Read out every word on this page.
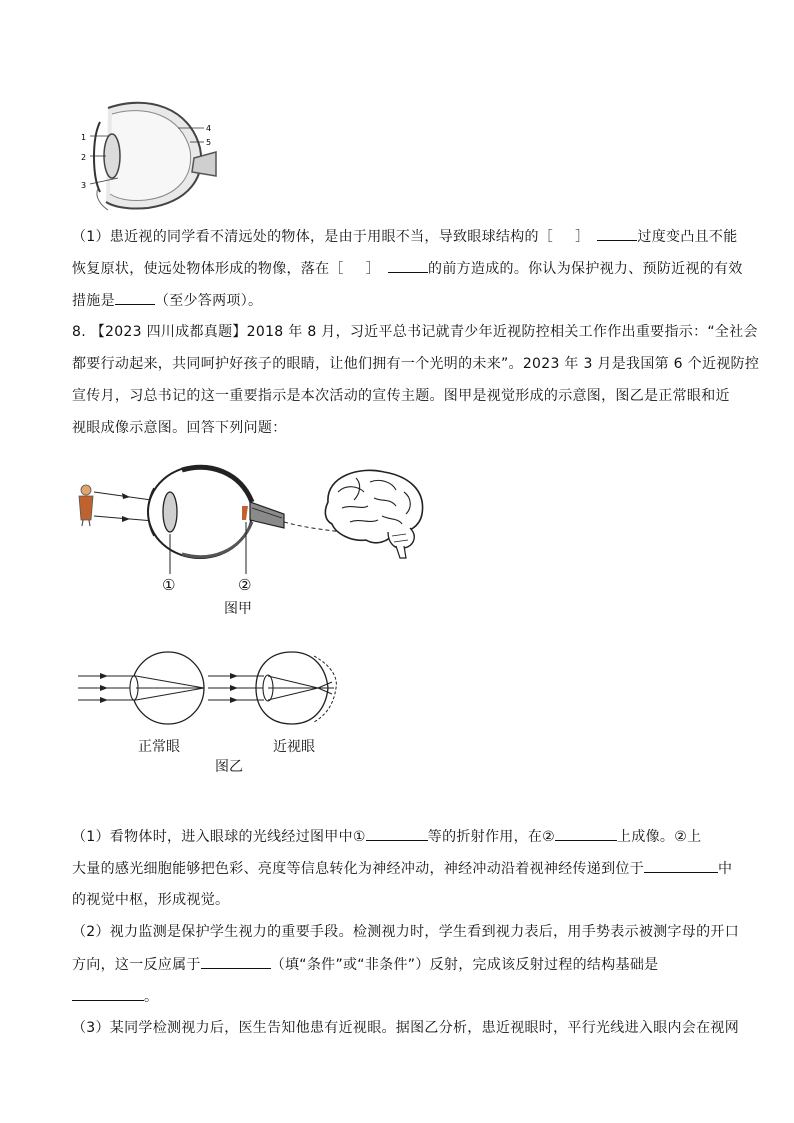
1
2
3
4
5
（1）患近视的同学看不清远处的物体，是由于用眼不当，导致眼球结构的［ ］	过度变凸且不能
恢复原状，使远处物体形成的物像，落在［ ］	的前方造成的。你认为保护视力、预防近视的有效
措施是	（至少答两项）。
8. 【2023 四川成都真题】2018 年 8 月，习近平总书记就青少年近视防控相关工作作出重要指示：“全社会
都要行动起来，共同呵护好孩子的眼睛，让他们拥有一个光明的未来”。2023 年 3 月是我国第 6 个近视防控
宣传月，习总书记的这一重要指示是本次活动的宣传主题。图甲是视觉形成的示意图，图乙是正常眼和近
视眼成像示意图。回答下列问题：
①	②
图甲
正常眼	近视眼
图乙
（1）看物体时，进入眼球的光线经过图甲中①	等的折射作用，在②	上成像。②上
大量的感光细胞能够把色彩、亮度等信息转化为神经冲动，神经冲动沿着视神经传递到位于	中
的视觉中枢，形成视觉。
（2）视力监测是保护学生视力的重要手段。检测视力时，学生看到视力表后，用手势表示被测字母的开口
方向，这一反应属于	（填“条件”或“非条件”）反射，完成该反射过程的结构基础是
。
（3）某同学检测视力后，医生告知他患有近视眼。据图乙分析，患近视眼时，平行光线进入眼内会在视网
